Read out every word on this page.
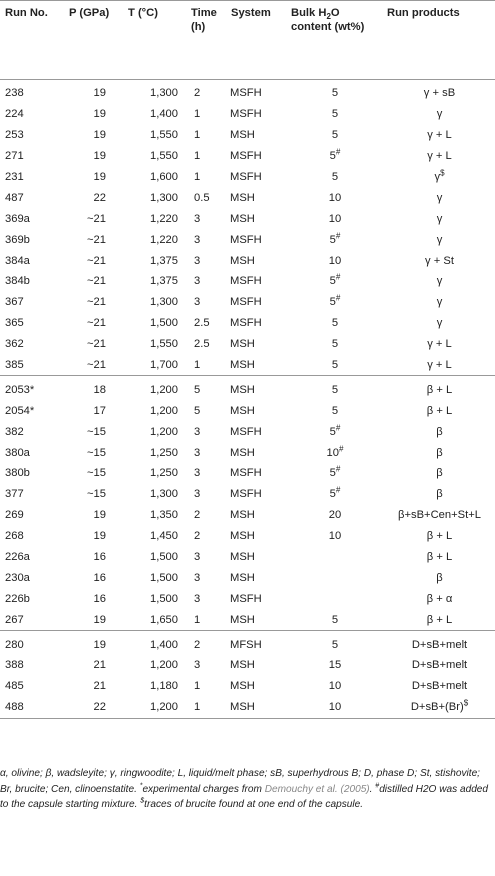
Run No.	P (GPa)	T (°C)	Time (h)	System	Bulk $H_2O$ content (wt%)	Run products
238	19	1,300	2	MSFH	5	γ + sB
224	19	1,400	1	MSFH	5	γ
253	19	1,550	1	MSH	5	γ + L
271	19	1,550	1	MSFH	5#	γ + L
231	19	1,600	1	MSFH	5	γ$
487	22	1,300	0.5	MSH	10	γ
369a	~21	1,220	3	MSH	10	γ
369b	~21	1,220	3	MSFH	5#	γ
384a	~21	1,375	3	MSH	10	γ + St
384b	~21	1,375	3	MSFH	5#	γ
367	~21	1,300	3	MSFH	5#	γ
365	~21	1,500	2.5	MSFH	5	γ
362	~21	1,550	2.5	MSH	5	γ + L
385	~21	1,700	1	MSH	5	γ + L
2053*	18	1,200	5	MSH	5	β + L
2054*	17	1,200	5	MSH	5	β + L
382	~15	1,200	3	MSFH	5#	β
380a	~15	1,250	3	MSH	10#	β
380b	~15	1,250	3	MSFH	5#	β
377	~15	1,300	3	MSFH	5#	β
269	19	1,350	2	MSH	20	β+sB+Cen+St+L
268	19	1,450	2	MSH	10	β + L
226a	16	1,500	3	MSH		β + L
230a	16	1,500	3	MSH		β
226b	16	1,500	3	MSFH		β + α
267	19	1,650	1	MSH	5	β + L
280	19	1,400	2	MFSH	5	D+sB+melt
388	21	1,200	3	MSH	15	D+sB+melt
485	21	1,180	1	MSH	10	D+sB+melt
488	22	1,200	1	MSH	10	D+sB+(Br)$
α, olivine; β, wadsleyite; γ, ringwoodite; L, liquid/melt phase; sB, superhydrous B; D, phase D; St, stishovite; Br, brucite; Cen, clinoenstatite. *experimental charges from Demouchy et al. (2005). #distilled H2O was added to the capsule starting mixture. $traces of brucite found at one end of the capsule.
